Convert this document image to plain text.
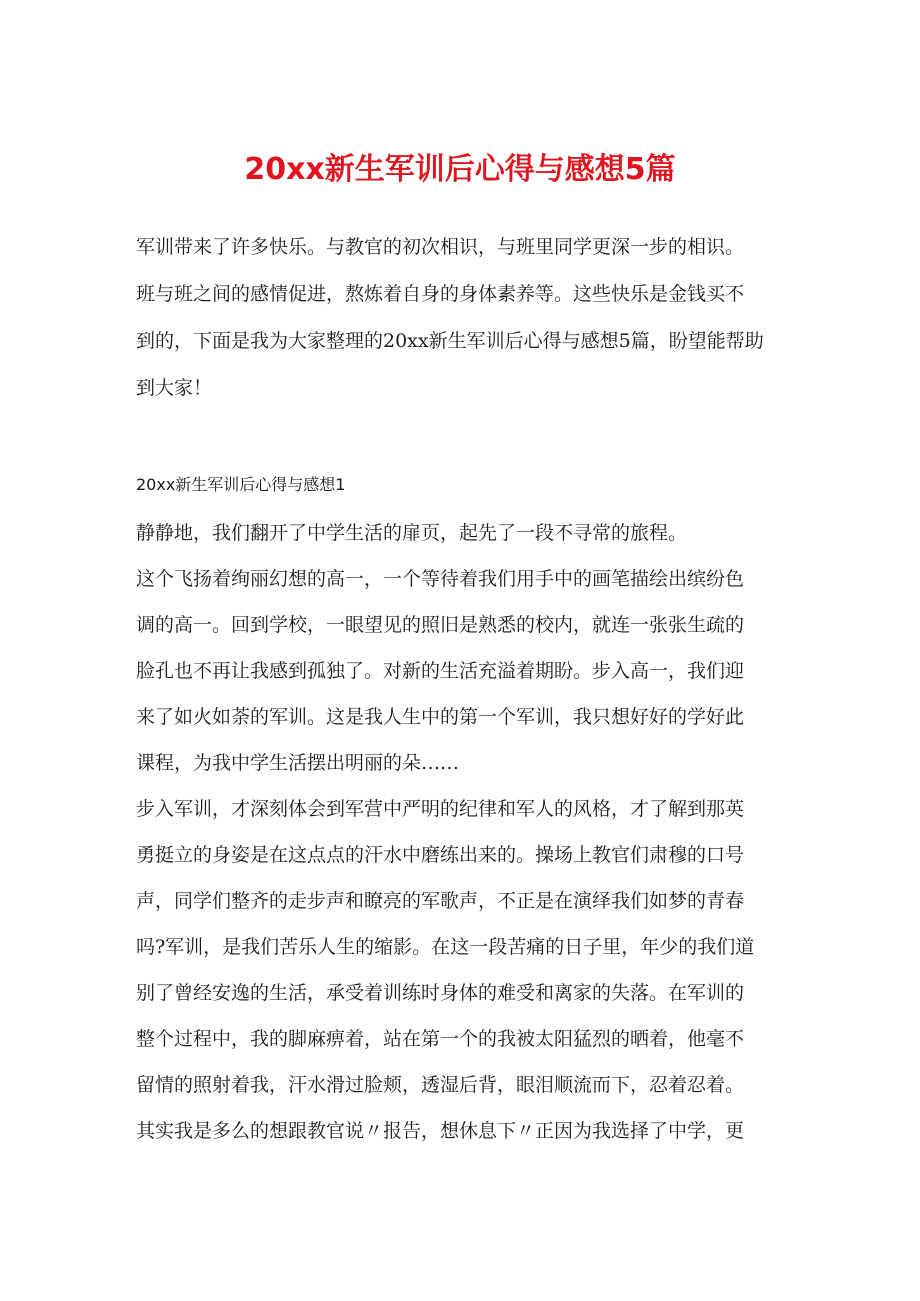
20xx新生军训后心得与感想5篇
军训带来了许多快乐。与教官的初次相识，与班里同学更深一步的相识。
班与班之间的感情促进，熬炼着自身的身体素养等。这些快乐是金钱买不
到的，下面是我为大家整理的20xx新生军训后心得与感想5篇，盼望能帮助
到大家！
20xx新生军训后心得与感想1
静静地，我们翻开了中学生活的扉页，起先了一段不寻常的旅程。
这个飞扬着绚丽幻想的高一，一个等待着我们用手中的画笔描绘出缤纷色
调的高一。回到学校，一眼望见的照旧是熟悉的校内，就连一张张生疏的
脸孔也不再让我感到孤独了。对新的生活充溢着期盼。步入高一，我们迎
来了如火如荼的军训。这是我人生中的第一个军训，我只想好好的学好此
课程，为我中学生活摆出明丽的朵……
步入军训，才深刻体会到军营中严明的纪律和军人的风格，才了解到那英
勇挺立的身姿是在这点点的汗水中磨练出来的。操场上教官们肃穆的口号
声，同学们整齐的走步声和瞭亮的军歌声，不正是在演绎我们如梦的青春
吗?军训，是我们苦乐人生的缩影。在这一段苦痛的日子里，年少的我们道
别了曾经安逸的生活，承受着训练时身体的难受和离家的失落。在军训的
整个过程中，我的脚麻痹着，站在第一个的我被太阳猛烈的晒着，他毫不
留情的照射着我，汗水滑过脸颊，透湿后背，眼泪顺流而下，忍着忍着。
其实我是多么的想跟教官说〃报告，想休息下〃正因为我选择了中学，更
